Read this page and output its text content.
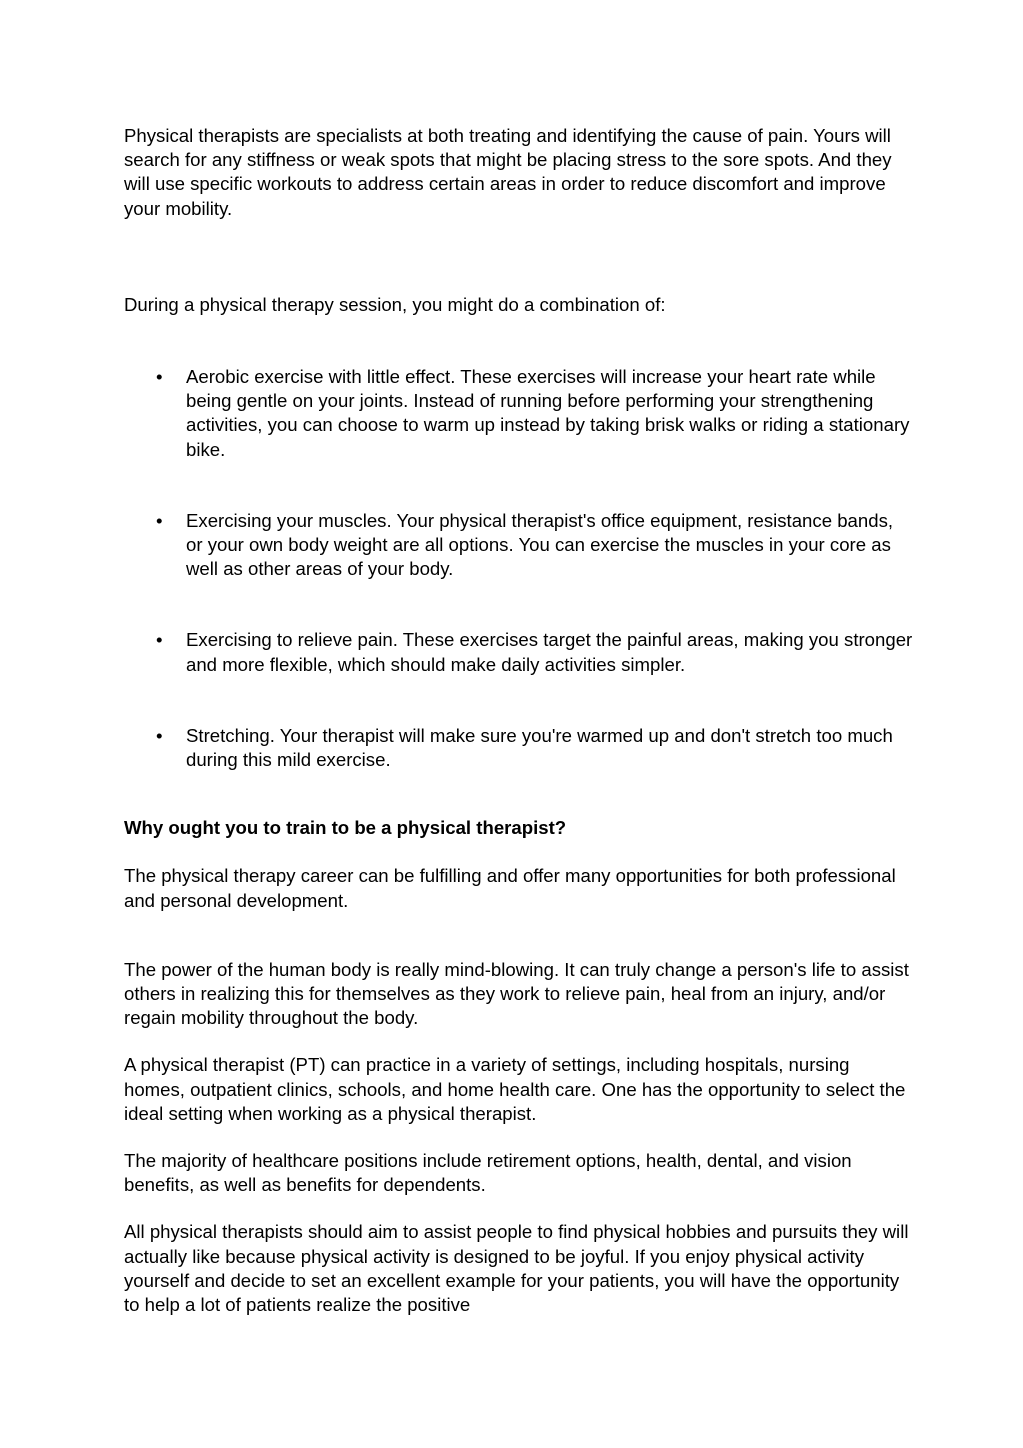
Physical therapists are specialists at both treating and identifying the cause of pain. Yours will search for any stiffness or weak spots that might be placing stress to the sore spots. And they will use specific workouts to address certain areas in order to reduce discomfort and improve your mobility.

During a physical therapy session, you might do a combination of:

•	Aerobic exercise with little effect. These exercises will increase your heart rate while being gentle on your joints. Instead of running before performing your strengthening activities, you can choose to warm up instead by taking brisk walks or riding a stationary bike.
•	Exercising your muscles. Your physical therapist's office equipment, resistance bands, or your own body weight are all options. You can exercise the muscles in your core as well as other areas of your body.
•	Exercising to relieve pain. These exercises target the painful areas, making you stronger and more flexible, which should make daily activities simpler.
•	Stretching. Your therapist will make sure you're warmed up and don't stretch too much during this mild exercise.

Why ought you to train to be a physical therapist?

The physical therapy career can be fulfilling and offer many opportunities for both professional and personal development.

The power of the human body is really mind-blowing. It can truly change a person's life to assist others in realizing this for themselves as they work to relieve pain, heal from an injury, and/or regain mobility throughout the body.

A physical therapist (PT) can practice in a variety of settings, including hospitals, nursing homes, outpatient clinics, schools, and home health care. One has the opportunity to select the ideal setting when working as a physical therapist.

The majority of healthcare positions include retirement options, health, dental, and vision benefits, as well as benefits for dependents.

All physical therapists should aim to assist people to find physical hobbies and pursuits they will actually like because physical activity is designed to be joyful. If you enjoy physical activity yourself and decide to set an excellent example for your patients, you will have the opportunity to help a lot of patients realize the positive
